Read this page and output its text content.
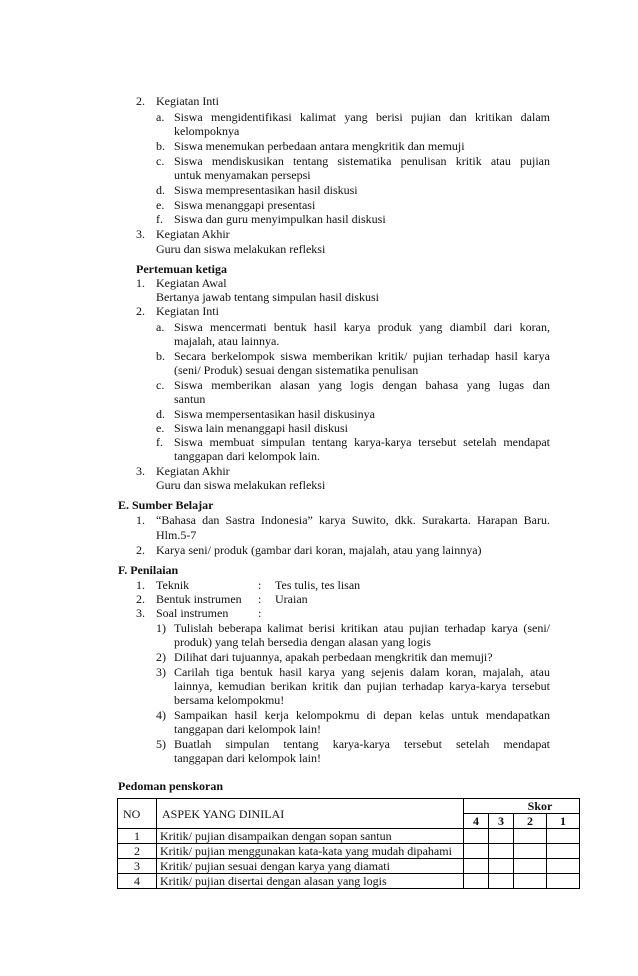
2. Kegiatan Inti
a. Siswa mengidentifikasi kalimat yang berisi pujian dan kritikan dalam
kelompoknya
b. Siswa menemukan perbedaan antara mengkritik dan memuji
c. Siswa mendiskusikan tentang sistematika penulisan kritik atau pujian
untuk menyamakan persepsi
d. Siswa mempresentasikan hasil diskusi
e. Siswa menanggapi presentasi
f. Siswa dan guru menyimpulkan hasil diskusi
3. Kegiatan Akhir
Guru dan siswa melakukan refleksi
Pertemuan ketiga
1. Kegiatan Awal
Bertanya jawab tentang simpulan hasil diskusi
2. Kegiatan Inti
a. Siswa mencermati bentuk hasil karya produk yang diambil dari koran,
majalah, atau lainnya.
b. Secara berkelompok siswa memberikan kritik/ pujian terhadap hasil karya
(seni/ Produk) sesuai dengan sistematika penulisan
c. Siswa memberikan alasan yang logis dengan bahasa yang lugas dan
santun
d. Siswa mempersentasikan hasil diskusinya
e. Siswa lain menanggapi hasil diskusi
f. Siswa membuat simpulan tentang karya-karya tersebut setelah mendapat
tanggapan dari kelompok lain.
3. Kegiatan Akhir
Guru dan siswa melakukan refleksi
E. Sumber Belajar
1. “Bahasa dan Sastra Indonesia” karya Suwito, dkk. Surakarta. Harapan Baru.
Hlm.5-7
2. Karya seni/ produk (gambar dari koran, majalah, atau yang lainnya)
F. Penilaian
1. Teknik	: Tes tulis, tes lisan
2. Bentuk instrumen : Uraian
3. Soal instrumen :
1) Tulislah beberapa kalimat berisi kritikan atau pujian terhadap karya (seni/
produk) yang telah bersedia dengan alasan yang logis
2) Dilihat dari tujuannya, apakah perbedaan mengkritik dan memuji?
3) Carilah tiga bentuk hasil karya yang sejenis dalam koran, majalah, atau
lainnya, kemudian berikan kritik dan pujian terhadap karya-karya tersebut
bersama kelompokmu!
4) Sampaikan hasil kerja kelompokmu di depan kelas untuk mendapatkan
tanggapan dari kelompok lain!
5) Buatlah simpulan tentang karya-karya tersebut setelah mendapat
tanggapan dari kelompok lain!
Pedoman penskoran
NO	ASPEK YANG DINILAI	Skor			
		4	3	2	1
1	Kritik/ pujian disampaikan dengan sopan santun				
2	Kritik/ pujian menggunakan kata-kata yang mudah dipahami				
3	Kritik/ pujian sesuai dengan karya yang diamati				
4	Kritik/ pujian disertai dengan alasan yang logis				
